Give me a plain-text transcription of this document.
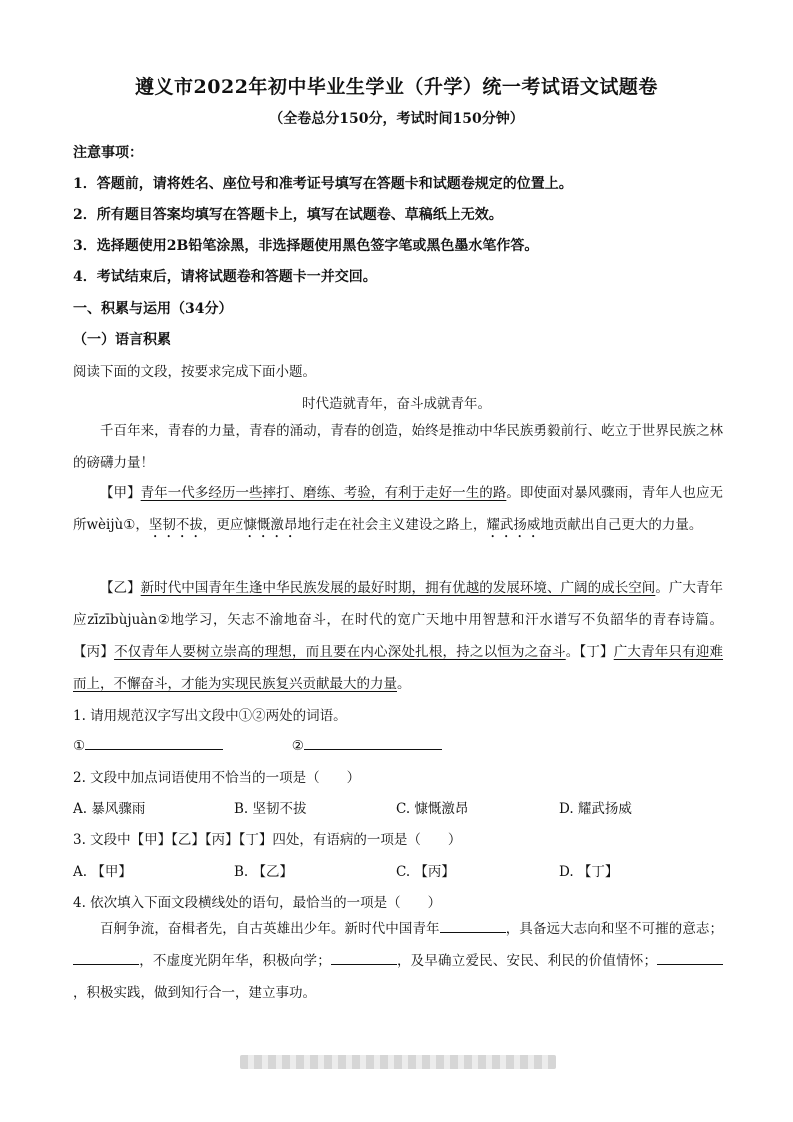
遵义市2022年初中毕业生学业（升学）统一考试语文试题卷
（全卷总分150分，考试时间150分钟）
注意事项：
1．答题前，请将姓名、座位号和准考证号填写在答题卡和试题卷规定的位置上。
2．所有题目答案均填写在答题卡上，填写在试题卷、草稿纸上无效。
3．选择题使用2B铅笔涂黑，非选择题使用黑色签字笔或黑色墨水笔作答。
4．考试结束后，请将试题卷和答题卡一并交回。
一、积累与运用（34分）
（一）语言积累
阅读下面的文段，按要求完成下面小题。
时代造就青年，奋斗成就青年。
千百年来，青春的力量，青春的涌动，青春的创造，始终是推动中华民族勇毅前行、屹立于世界民族之林的磅礴力量！
【甲】青年一代多经历一些摔打、磨练、考验，有利于走好一生的路。即使面对暴风骤雨，青年人也应无所wèijù①，坚韧不拔，更应慷慨激昂地行走在社会主义建设之路上，耀武扬威地贡献出自己更大的力量。
【乙】新时代中国青年生逢中华民族发展的最好时期，拥有优越的发展环境、广阔的成长空间。广大青年应zīzībùjuàn②地学习，矢志不渝地奋斗，在时代的宽广天地中用智慧和汗水谱写不负韶华的青春诗篇。【丙】不仅青年人要树立崇高的理想，而且要在内心深处扎根，持之以恒为之奋斗。【丁】广大青年只有迎难而上，不懈奋斗，才能为实现民族复兴贡献最大的力量。
1. 请用规范汉字写出文段中①②两处的词语。
①	②
2. 文段中加点词语使用不恰当的一项是（　　）
A. 暴风骤雨	B. 坚韧不拔	C. 慷慨激昂	D. 耀武扬威
3. 文段中【甲】【乙】【丙】【丁】四处，有语病的一项是（　　）
A. 【甲】	B. 【乙】	C. 【丙】	D. 【丁】
4. 依次填入下面文段横线处的语句，最恰当的一项是（　　）
百舸争流，奋楫者先，自古英雄出少年。新时代中国青年	，具备远大志向和坚不可摧的意志；，不虚度光阴年华，积极向学；	，及早确立爱民、安民、利民的价值情怀；，积极实践，做到知行合一，建立事功。
